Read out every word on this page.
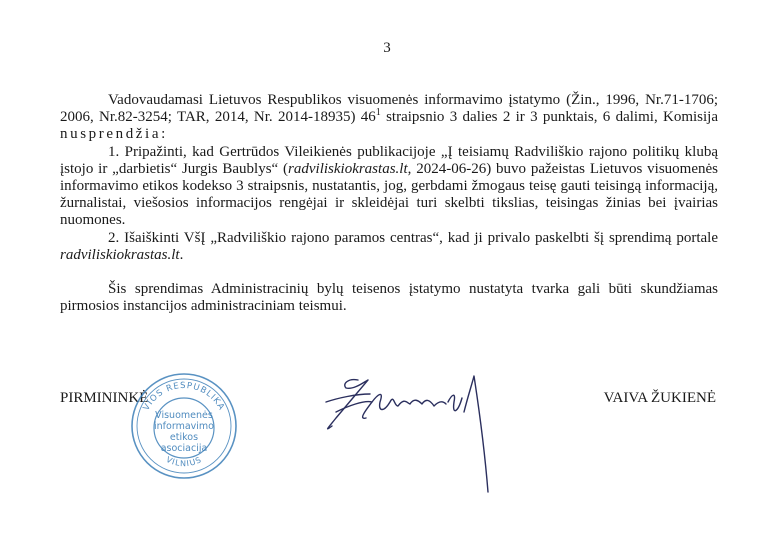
3

Vadovaudamasi Lietuvos Respublikos visuomenės informavimo įstatymo (Žin., 1996, Nr.71-1706; 2006, Nr.82-3254; TAR, 2014, Nr. 2014-18935) $46^1$ straipsnio 3 dalies 2 ir 3 punktais, 6 dalimi, Komisija nusprendžia:

1. Pripažinti, kad Gertrūdos Vileikienės publikacijoje „Į teisiamų Radviliškio rajono politikų klubą įstojo ir „darbietis“ Jurgis Baublys“ (radviliskiokrastas.lt, 2024-06-26) buvo pažeistas Lietuvos visuomenės informavimo etikos kodekso 3 straipsnis, nustatantis, jog, gerbdami žmogaus teisę gauti teisingą informaciją, žurnalistai, viešosios informacijos rengėjai ir skleidėjai turi skelbti tikslias, teisingas žinias bei įvairias nuomones.

2. Išaiškinti VšĮ „Radviliškio rajono paramos centras“, kad ji privalo paskelbti šį sprendimą portale radviliskiokrastas.lt.

Šis sprendimas Administracinių bylų teisenos įstatymo nustatyta tvarka gali būti skundžiamas pirmosios instancijos administraciniam teismui.

PIRMININKĖ
VIOS RESPUBLIKA
VILNIUS
Visuomenės
informavimo
etikos
asociacija
VAIVA ŽUKIENĖ
